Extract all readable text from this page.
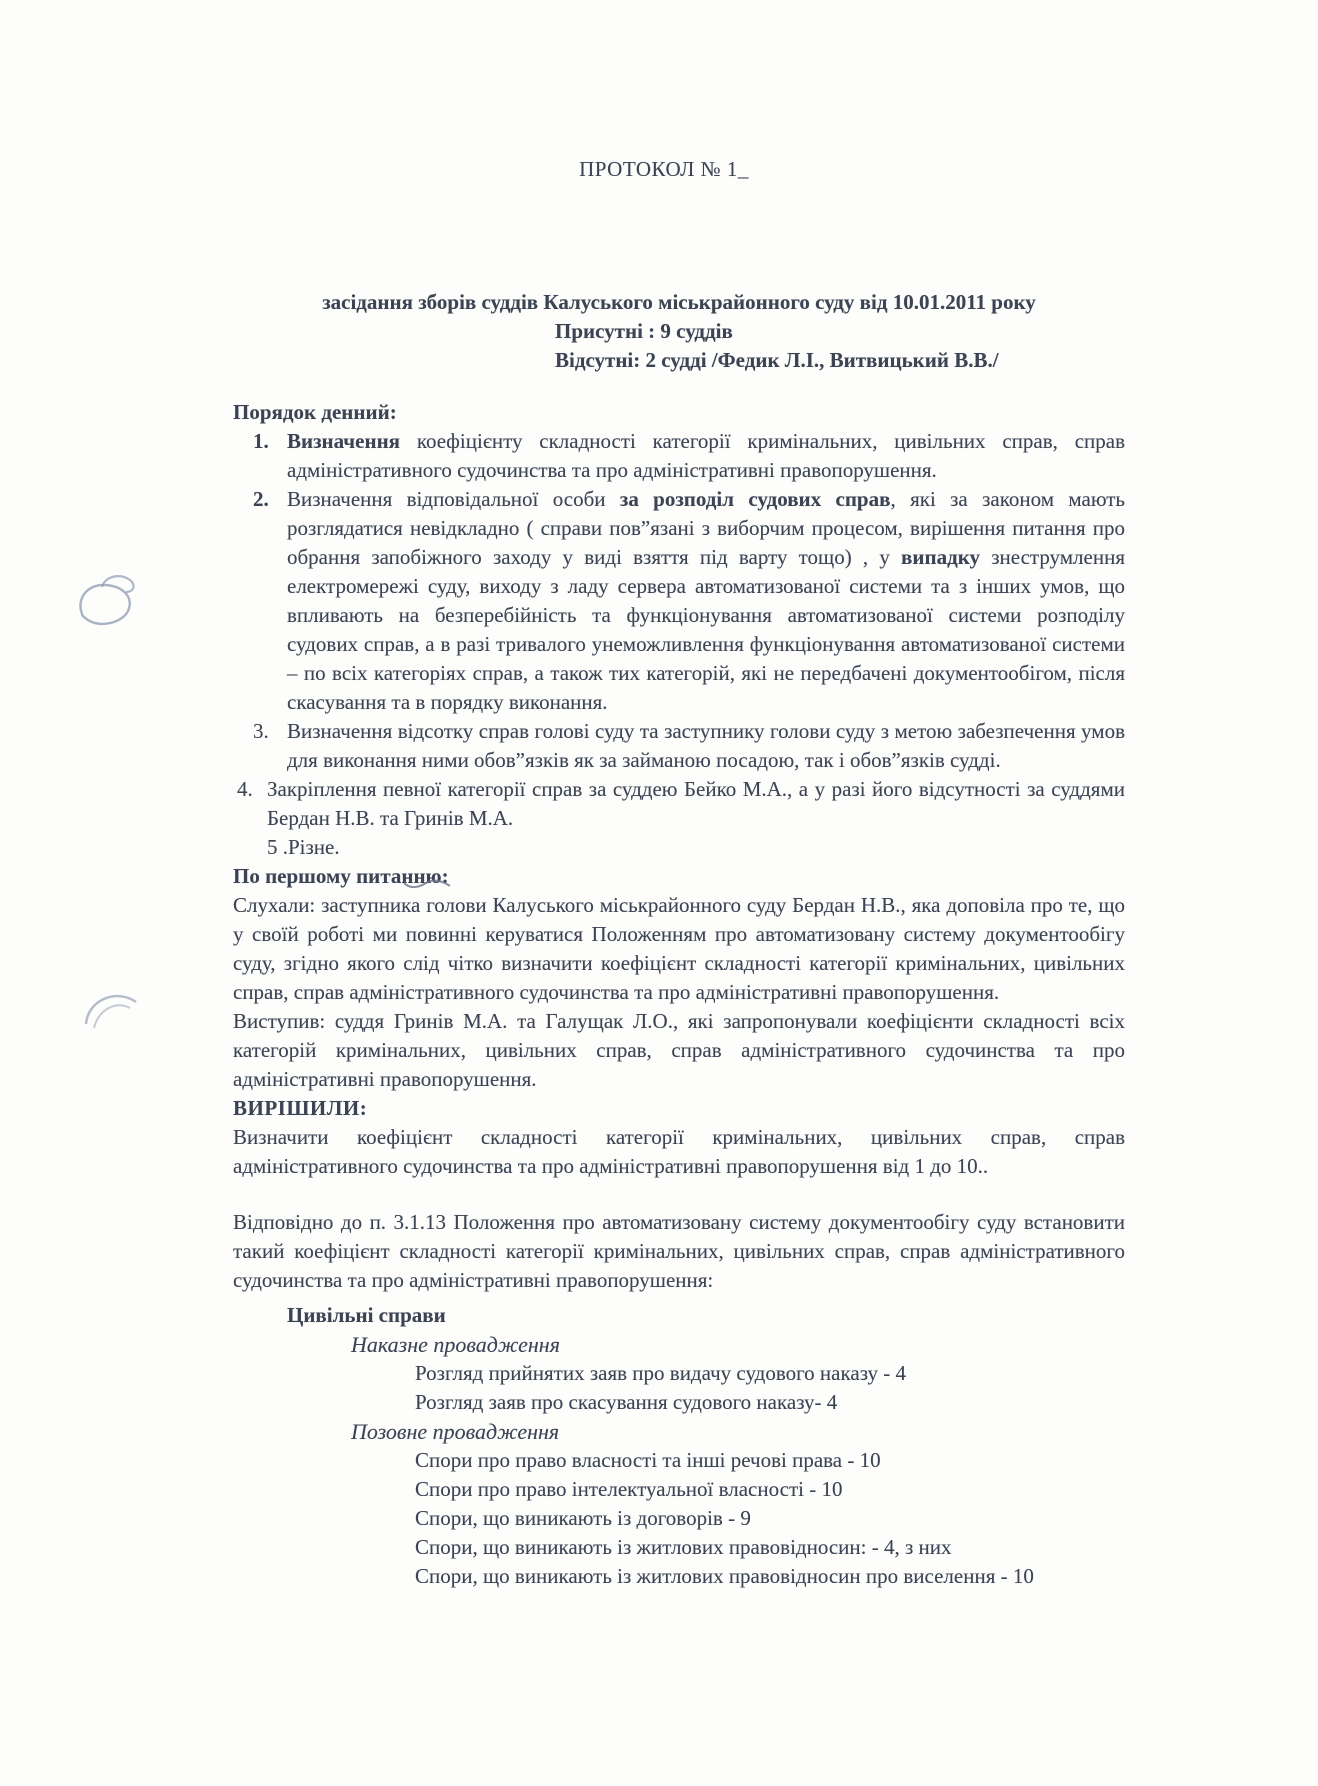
ПРОТОКОЛ № 1_
засідання зборів суддів Калуського міськрайонного суду від 10.01.2011 року
Присутні : 9 суддів
Відсутні: 2 судді /Федик Л.І., Витвицький В.В./
Порядок денний:
1. Визначення коефіцієнту складності категорії кримінальних, цивільних справ, справ адміністративного судочинства та про адміністративні правопорушення.
2. Визначення відповідальної особи за розподіл судових справ, які за законом мають розглядатися невідкладно ( справи пов”язані з виборчим процесом, вирішення питання про обрання запобіжного заходу у виді взяття під варту тощо) , у випадку знеструмлення електромережі суду, виходу з ладу сервера автоматизованої системи та з інших умов, що впливають на безперебійність та функціонування автоматизованої системи розподілу судових справ, а в разі тривалого унеможливлення функціонування автоматизованої системи – по всіх категоріях справ, а також тих категорій, які не передбачені документообігом, після скасування та в порядку виконання.
3. Визначення відсотку справ голові суду та заступнику голови суду з метою забезпечення умов для виконання ними обов”язків як за займаною посадою, так і обов”язків судді.
4. Закріплення певної категорії справ за суддею Бейко М.А., а у разі його відсутності за суддями Бердан Н.В. та Гринів М.А.
5 .Різне.
По першому питанню:

Слухали: заступника голови Калуського міськрайонного суду Бердан Н.В., яка доповіла про те, що у своїй роботі ми повинні керуватися Положенням про автоматизовану систему документообігу суду, згідно якого слід чітко визначити коефіцієнт складності категорії кримінальних, цивільних справ, справ адміністративного судочинства та про адміністративні правопорушення.

Виступив: суддя Гринів М.А. та Галущак Л.О., які запропонували коефіцієнти складності всіх категорій кримінальних, цивільних справ, справ адміністративного судочинства та про адміністративні правопорушення.

ВИРІШИЛИ:

Визначити коефіцієнт складності категорії кримінальних, цивільних справ, справ адміністративного судочинства та про адміністративні правопорушення від 1 до 10..

Відповідно до п. 3.1.13 Положення про автоматизовану систему документообігу суду встановити такий коефіцієнт складності категорії кримінальних, цивільних справ, справ адміністративного судочинства та про адміністративні правопорушення:

Цивільні справи
Наказне провадження
Розгляд прийнятих заяв про видачу судового наказу - 4
Розгляд заяв про скасування судового наказу- 4
Позовне провадження
Спори про право власності та інші речові права - 10
Спори про право інтелектуальної власності - 10
Спори, що виникають із договорів - 9
Спори, що виникають із житлових правовідносин: - 4, з них
Спори, що виникають із житлових правовідносин про виселення - 10
